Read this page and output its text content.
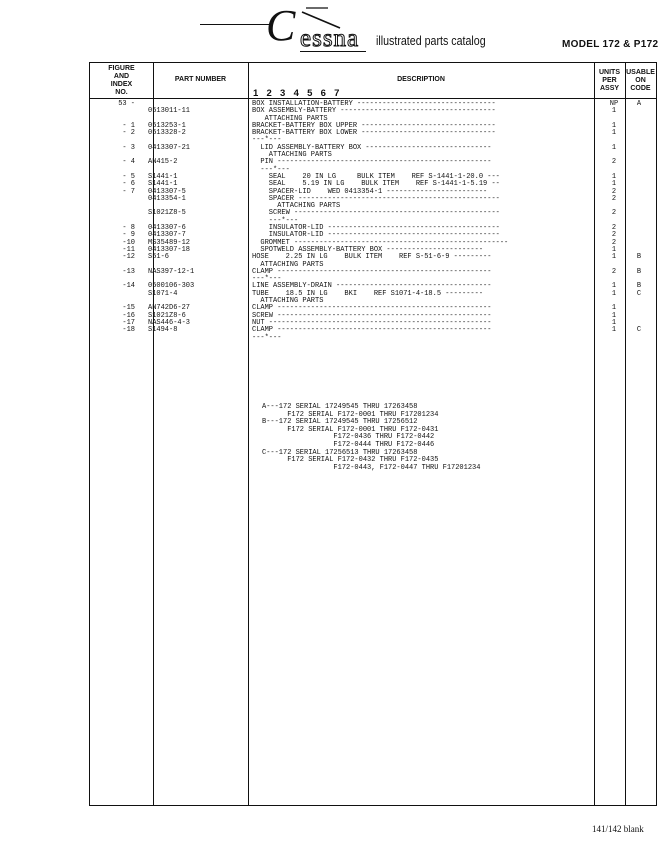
C essna illustrated parts catalog	MODEL 172 & P172
FIGURE
AND
INDEX
NO.
PART NUMBER	DESCRIPTION
1 2 3 4 5 6 7
UNITS
PER
ASSY
USABLE
ON
CODE
53 -	BOX INSTALLATION-BATTERY ---------------------------------	NP	A
0513011-11	BOX ASSEMBLY-BATTERY -------------------------------------	1
ATTACHING PARTS
- 1 0513253-1	BRACKET-BATTERY BOX UPPER --------------------------------	1
- 2 0513328-2	BRACKET-BATTERY BOX LOWER --------------------------------	1
---*---
- 3 0413307-21	LID ASSEMBLY-BATTERY BOX ------------------------------	1
ATTACHING PARTS
- 4 AN415-2	PIN ---------------------------------------------------	2
---*---
- 5 S1441-1	SEAL    20 IN LG     BULK ITEM    REF S-1441-1-20.0 ---	1
- 6 S1441-1	SEAL    5.19 IN LG    BULK ITEM    REF S-1441-1-5.19 --	1
- 7 0413307-5	SPACER-LID    WED 0413354-1 ------------------------	2
0413354-1	SPACER ------------------------------------------------	2
ATTACHING PARTS
S1021Z8-5	SCREW -------------------------------------------------	2
---*---
- 8 0413307-6	INSULATOR-LID -----------------------------------------	2
- 9 0413307-7	INSULATOR-LID -----------------------------------------	2
-10 MS35489-12	GROMMET ---------------------------------------------------	2
-11 0413307-18	SPOTWELD ASSEMBLY-BATTERY BOX -----------------------	1
-12 S51-6	HOSE    2.25 IN LG    BULK ITEM    REF S-51-6-9 ---------	1	B
ATTACHING PARTS
-13 NAS397-12-1	CLAMP ---------------------------------------------------	2	B
---*---
-14 0500106-303	LINE ASSEMBLY-DRAIN -------------------------------------	1	B
S1071-4	TUBE    18.5 IN LG    BKI    REF S1071-4-18.5 ---------	1	C
ATTACHING PARTS
-15 AN742D6-27	CLAMP ---------------------------------------------------	1
-16 S1021Z8-6	SCREW ---------------------------------------------------	1
-17 NAS446-4-3	NUT -----------------------------------------------------	1
-18 S1494-8	CLAMP ---------------------------------------------------	1	C
---*---
A---172 SERIAL 17249545 THRU 17263458
F172 SERIAL F172-0001 THRU F17201234
B---172 SERIAL 17249545 THRU 17256512
F172 SERIAL F172-0001 THRU F172-0431
F172-0436 THRU F172-0442
F172-0444 THRU F172-0446
C---172 SERIAL 17256513 THRU 17263458
F172 SERIAL F172-0432 THRU F172-0435
F172-0443, F172-0447 THRU F17201234
141/142 blank
